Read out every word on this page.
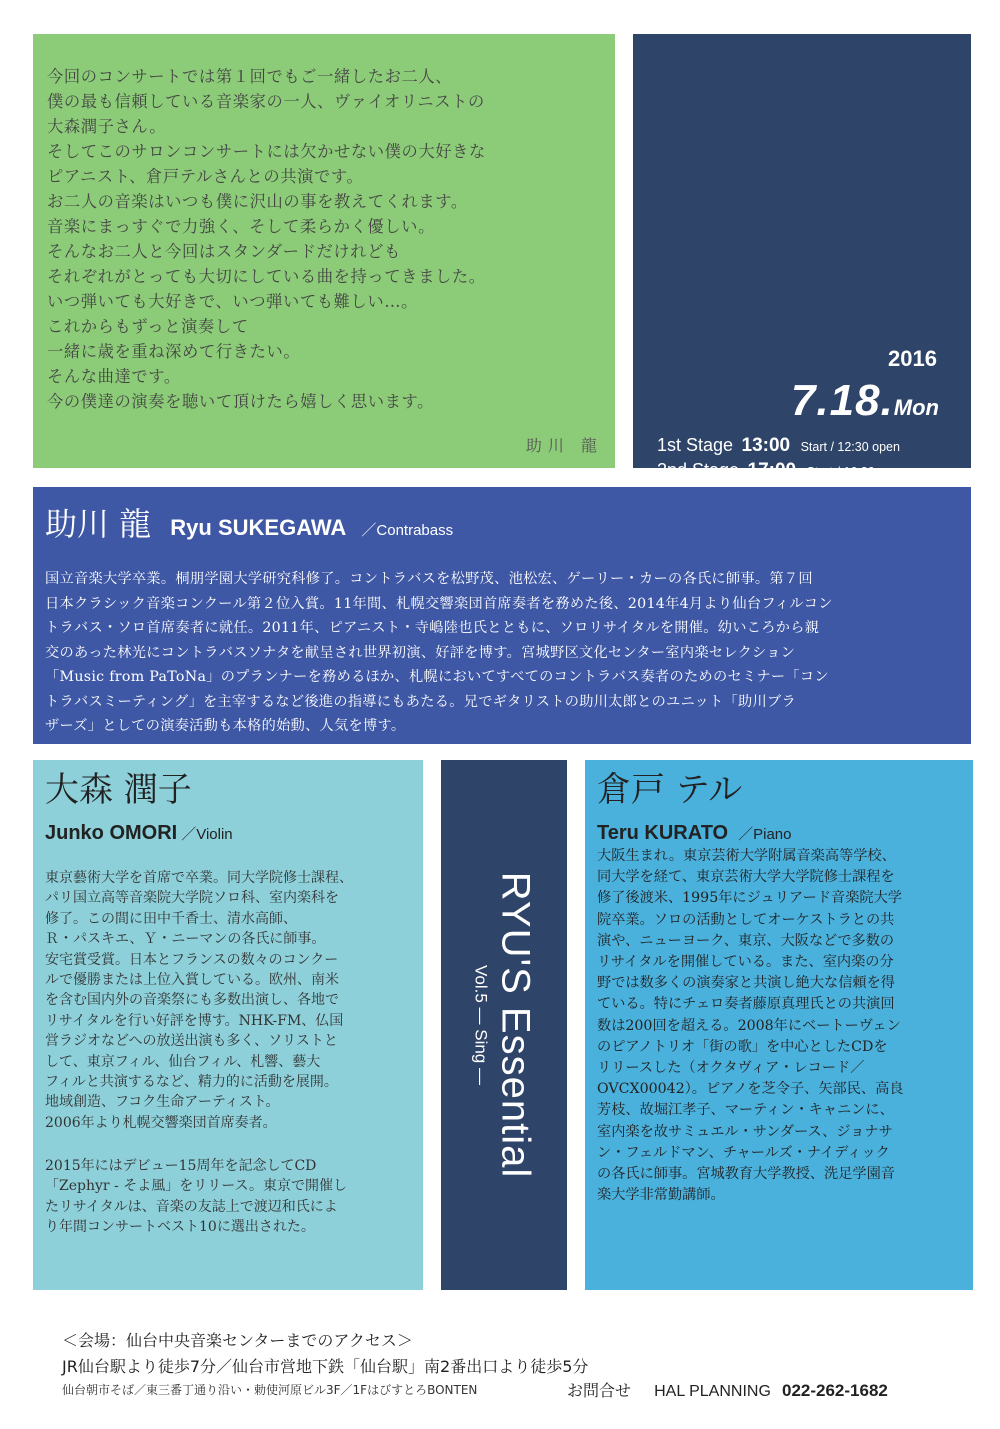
今回のコンサートでは第１回でもご一緒したお二人、
僕の最も信頼している音楽家の一人、ヴァイオリニストの
大森潤子さん。
そしてこのサロンコンサートには欠かせない僕の大好きな
ピアニスト、倉戸テルさんとの共演です。
お二人の音楽はいつも僕に沢山の事を教えてくれます。
音楽にまっすぐで力強く、そして柔らかく優しい。
そんなお二人と今回はスタンダードだけれども
それぞれがとっても大切にしている曲を持ってきました。
いつ弾いても大好きで、いつ弾いても難しい…。
これからもずっと演奏して
一緒に歳を重ね深めて行きたい。
そんな曲達です。
今の僕達の演奏を聴いて頂けたら嬉しく思います。
助川 龍
2016
7.18.Mon
1st Stage 13:00 Start / 12:30 open
2nd Stage 17:00 Start / 16:30 open
助川 龍 Ryu SUKEGAWA ／Contrabass
国立音楽大学卒業。桐朋学園大学研究科修了。コントラバスを松野茂、池松宏、ゲーリー・カーの各氏に師事。第７回
日本クラシック音楽コンクール第２位入賞。11年間、札幌交響楽団首席奏者を務めた後、2014年4月より仙台フィルコン
トラバス・ソロ首席奏者に就任。2011年、ピアニスト・寺嶋陸也氏とともに、ソロリサイタルを開催。幼いころから親
交のあった林光にコントラバスソナタを献呈され世界初演、好評を博す。宮城野区文化センター室内楽セレクション
「Music from PaToNa」のプランナーを務めるほか、札幌においてすべてのコントラバス奏者のためのセミナー「コン
トラバスミーティング」を主宰するなど後進の指導にもあたる。兄でギタリストの助川太郎とのユニット「助川ブラ
ザーズ」としての演奏活動も本格的始動、人気を博す。
大森 潤子
Junko OMORI ／Violin
東京藝術大学を首席で卒業。同大学院修士課程、
パリ国立高等音楽院大学院ソロ科、室内楽科を
修了。この間に田中千香士、清水高師、
Ｒ・パスキエ、Ｙ・ニーマンの各氏に師事。
安宅賞受賞。日本とフランスの数々のコンクー
ルで優勝または上位入賞している。欧州、南米
を含む国内外の音楽祭にも多数出演し、各地で
リサイタルを行い好評を博す。NHK-FM、仏国
営ラジオなどへの放送出演も多く、ソリストと
して、東京フィル、仙台フィル、札響、藝大
フィルと共演するなど、精力的に活動を展開。
地域創造、フコク生命アーティスト。
2006年より札幌交響楽団首席奏者。
2015年にはデビュー15周年を記念してCD
「Zephyr - そよ風」をリリース。東京で開催し
たリサイタルは、音楽の友誌上で渡辺和氏によ
り年間コンサートベスト10に選出された。
RYU'S Essential
Vol.5 ― Sing ―
倉戸 テル
Teru KURATO ／Piano
大阪生まれ。東京芸術大学附属音楽高等学校、
同大学を経て、東京芸術大学大学院修士課程を
修了後渡米、1995年にジュリアード音楽院大学
院卒業。ソロの活動としてオーケストラとの共
演や、ニューヨーク、東京、大阪などで多数の
リサイタルを開催している。また、室内楽の分
野では数多くの演奏家と共演し絶大な信頼を得
ている。特にチェロ奏者藤原真理氏との共演回
数は200回を超える。2008年にベートーヴェン
のピアノトリオ「街の歌」を中心としたCDを
リリースした（オクタヴィア・レコード／
OVCX00042）。ピアノを芝令子、矢部民、高良
芳枝、故堀江孝子、マーティン・キャニンに、
室内楽を故サミュエル・サンダース、ジョナサ
ン・フェルドマン、チャールズ・ナイディック
の各氏に師事。宮城教育大学教授、洗足学園音
楽大学非常勤講師。
＜会場：仙台中央音楽センターまでのアクセス＞
JR仙台駅より徒歩7分／仙台市営地下鉄「仙台駅」南2番出口より徒歩5分
仙台朝市そば／東三番丁通り沿い・勅使河原ビル3F／1FはびすとろBONTEN	お問合せ HAL PLANNING 022-262-1682
